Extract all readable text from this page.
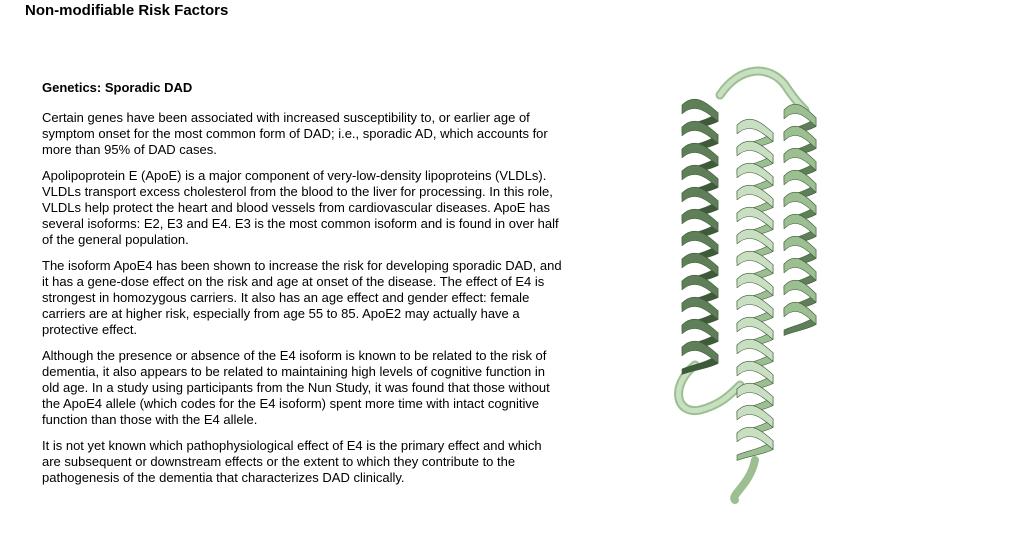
Non-modifiable Risk Factors

Genetics: Sporadic DAD

Certain genes have been associated with increased susceptibility to, or earlier age of symptom onset for the most common form of DAD; i.e., sporadic AD, which accounts for more than 95% of DAD cases.

Apolipoprotein E (ApoE) is a major component of very-low-density lipoproteins (VLDLs). VLDLs transport excess cholesterol from the blood to the liver for processing. In this role, VLDLs help protect the heart and blood vessels from cardiovascular diseases. ApoE has several isoforms: E2, E3 and E4. E3 is the most common isoform and is found in over half of the general population.

The isoform ApoE4 has been shown to increase the risk for developing sporadic DAD, and it has a gene-dose effect on the risk and age at onset of the disease. The effect of E4 is strongest in homozygous carriers. It also has an age effect and gender effect: female carriers are at higher risk, especially from age 55 to 85. ApoE2 may actually have a protective effect.

Although the presence or absence of the E4 isoform is known to be related to the risk of dementia, it also appears to be related to maintaining high levels of cognitive function in old age. In a study using participants from the Nun Study, it was found that those without the ApoE4 allele (which codes for the E4 isoform) spent more time with intact cognitive function than those with the E4 allele.

It is not yet known which pathophysiological effect of E4 is the primary effect and which are subsequent or downstream effects or the extent to which they contribute to the pathogenesis of the dementia that characterizes DAD clinically.
